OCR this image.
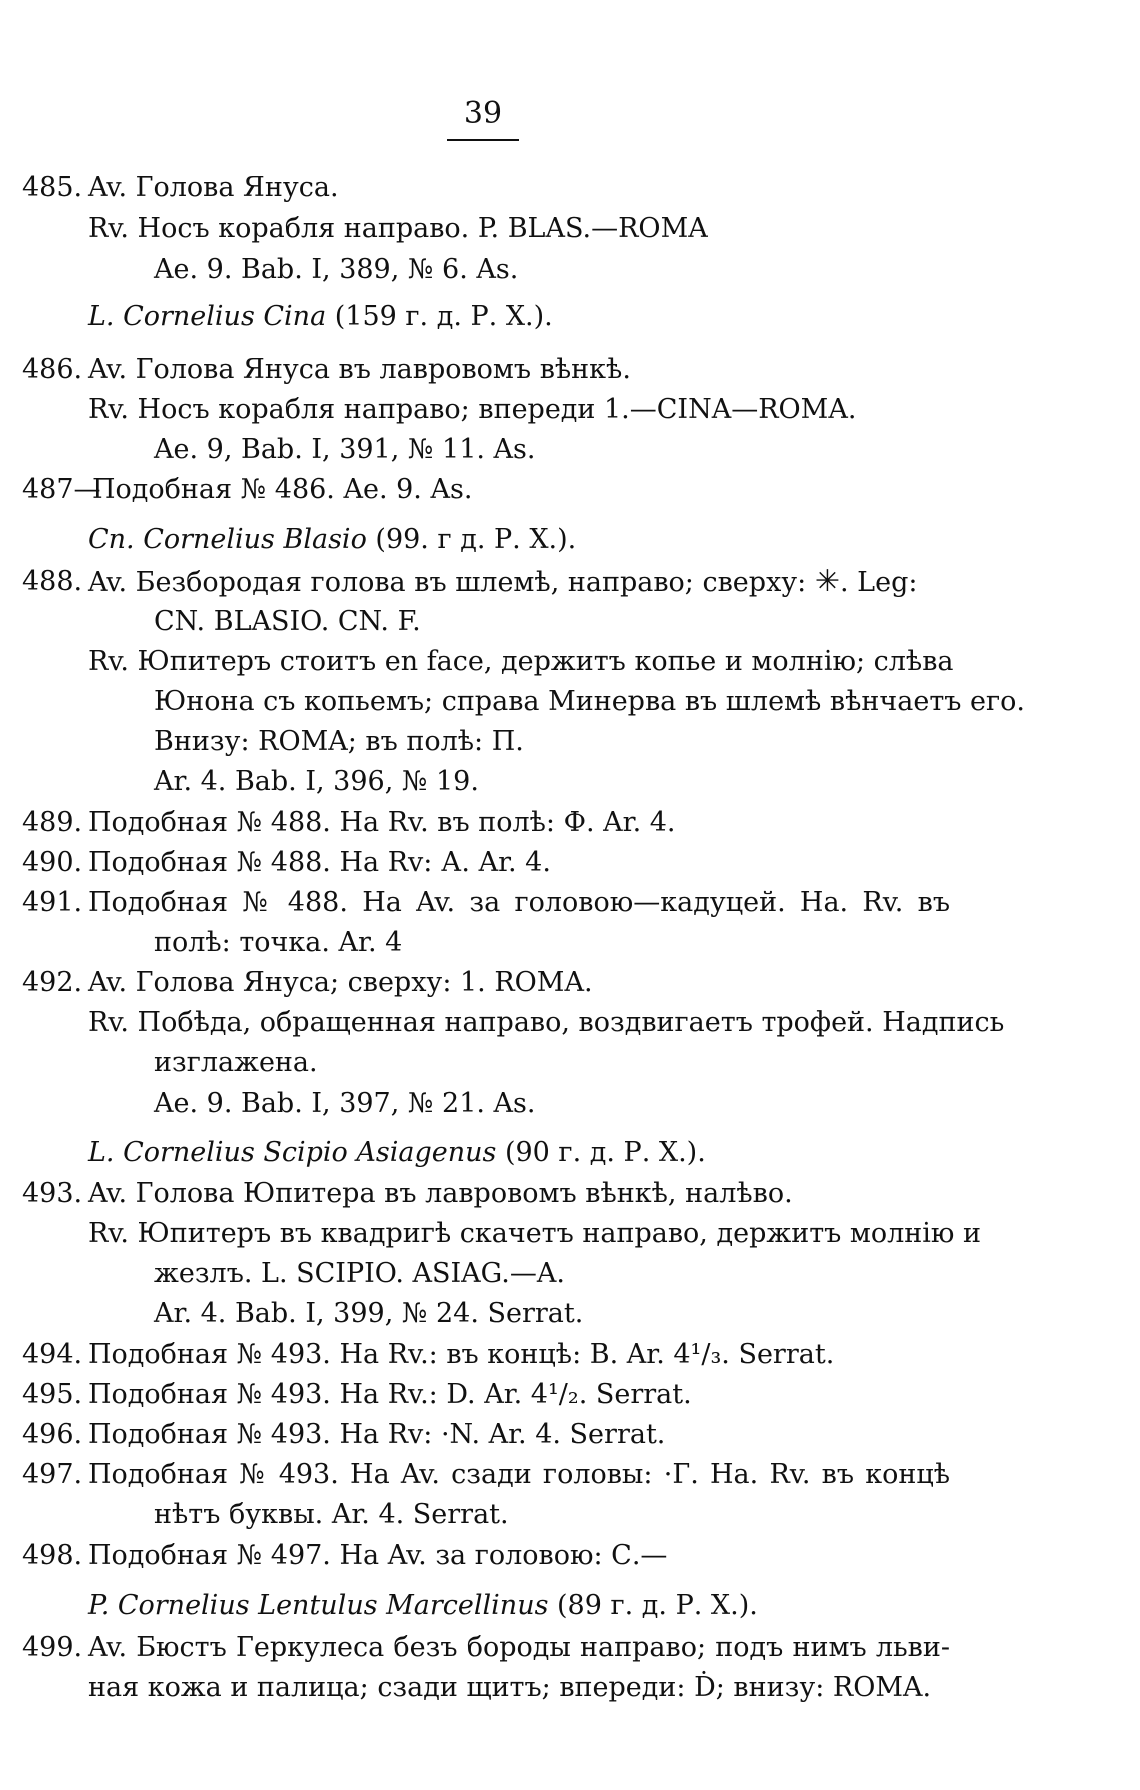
39
485. Av. Голова Януса.
Rv. Носъ корабля направо. P. BLAS.—ROMA
Ae. 9. Bab. I, 389, № 6. As.
L. Cornelius Cina (159 г. д. Р. X.).
486. Av. Голова Януса въ лавровомъ вѣнкѣ.
Rv. Носъ корабля направо; впереди 1.—CINA—ROMA.
Ae. 9, Bab. I, 391, № 11. As.
487—
Подобная № 486. Ae. 9. As.
Cn. Cornelius Blasio (99. г д. Р. X.).
488. Av. Безбородая голова въ шлемѣ, направо; сверху: ✳. Leg:
CN. BLASIO. CN. F.
Rv. Юпитеръ стоитъ en face, держитъ копье и молнію; слѣва
Юнона съ копьемъ; справа Минерва въ шлемѣ вѣнчаетъ его.
Внизу: ROMA; въ полѣ: П.
Ar. 4. Bab. I, 396, № 19.
489. Подобная № 488. На Rv. въ полѣ: Ф. Ar. 4.
490. Подобная № 488. На Rv: А. Ar. 4.
491. Подобная № 488. На Av. за головою—кадуцей. На. Rv. въ
полѣ: точка. Ar. 4
492. Av. Голова Януса; сверху: 1. ROMA.
Rv. Побѣда, обращенная направо, воздвигаетъ трофей. Надпись
изглажена.
Ae. 9. Bab. I, 397, № 21. As.
L. Cornelius Scipio Asiagenus (90 г. д. Р. X.).
493. Av. Голова Юпитера въ лавровомъ вѣнкѣ, налѣво.
Rv. Юпитеръ въ квадригѣ скачетъ направо, держитъ молнію и
жезлъ. L. SCIPIO. ASIAG.—A.
Ar. 4. Bab. I, 399, № 24. Serrat.
494. Подобная № 493. На Rv.: въ концѣ: B. Ar. 4¹/₃. Serrat.
495. Подобная № 493. На Rv.: D. Ar. 4¹/₂. Serrat.
496. Подобная № 493. На Rv: ·N. Ar. 4. Serrat.
497. Подобная № 493. На Av. сзади головы: ·Г. На. Rv. въ концѣ
нѣтъ буквы. Ar. 4. Serrat.
498. Подобная № 497. На Av. за головою: С.—
P. Cornelius Lentulus Marcellinus (89 г. д. Р. X.).
499. Av. Бюстъ Геркулеса безъ бороды направо; подъ нимъ льви-
ная кожа и палица; сзади щитъ; впереди: Ḋ; внизу: ROMA.
